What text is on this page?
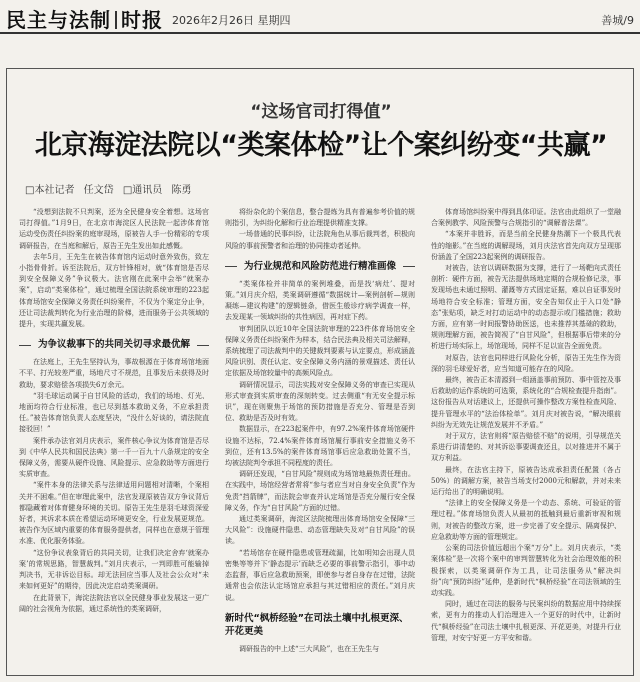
民主与法制 时报 2026年2月26日 星期四	善城/9
“这场官司打得值”
北京海淀法院以“类案体检”让个案纠纷变“共赢”
□本社记者 任文岱 □通讯员 陈勇

“没想到法院不只判案，还为全民健身安全着想。这场官司打得值。”1月9日，在北京市海淀区人民法院一起涉体育馆运动受伤责任纠纷案的庭审现场，原被告人手一份精彩的专项调研报告，在当庭和解后，原告王先生发出如此感慨。

去年5月，王先生在被告体育馆内运动时意外致伤，致左小指骨骨折。诉至法院后，双方针锋相对，就“体育馆是否尽到安全保障义务”争议极大。法官刚在此案中会举“就案办案”，启动“类案体检”，通过梳理全国法院系统审理的223起体育场馆安全保障义务责任纠纷案件，不仅为个案定分止争，还让司法裁判转化为行业治理的阶梯，进而服务于公共领域的提升，实现共赢发展。

为争议裁事下的共同关切寻求最优解

在法庭上，王先生坚持认为，事故根源在于体育场馆地面不平、打光较差严重，场地尺寸不规范，且事发后未获得及时救助，要求赔偿各项损失6万余元。

“羽毛球运动属于自甘风险的活动，我们的场地、灯光、地面均符合行业标准，也已尽到基本救助义务，不应承担责任。”被告体育馆负责人态度坚决，“没什么好谈的，请法院直接驳回！”

案件承办法官刘月庆表示，案件核心争议为体育馆是否尽到《中华人民共和国民法典》第一千一百九十八条规定的安全保障义务，需要从硬件设施、风险提示、应急救助等方面进行实质审查。

“案件本身的法律关系与法律适用问题相对清晰，个案相关并不困难。”但在审理此案中，法官发现原被告双方争议背后都隐藏着对体育健身环境的关切。原告王先生是羽毛球资深爱好者，其诉求本质在希望运动环境更安全，行业发展更规范。被告作为区域内重要的体育服务提供者，同样也在意规于管理水准、优化服务体验。

“这份争议表象背后的共同关切，让我们决定舍弃‘就案办案’的常规思路，智慧裁判。”刘月庆表示，一判即胜可能输掉判决书，无非诉讼目标。却无法回应当事人及社会公众对“未来如何更好”的期待，因此决定启动类案调研。

在此背景下，海淀法院法官以全民健身事业发展这一更广阔的社会视角为依据，通过系统性的类案调研，

将纷杂化的个案信息，整合提炼为具有普遍参考价值的规则指引，为纠纷化解和行业治理提供精准支撑。

一场普通的民事纠纷，让法院角色从事后裁判者，积极向风险的事前预警者和治理的协同推动者延伸。

为行业规范和风险防范进行精准画像

“类案体检并非简单的案例堆叠，而是找‘病灶’、提对策。”刘月庆介绍，类案调研遵循“数据统计—案例剖析—规则凝练—建议构建”的逻辑链条，借医生般诊疗病学调查一样，去发现某一领域纠纷的共性病因，再对症下药。

审判团队以近10年全国法院审理的223件体育场馆安全保障义务责任纠纷案件为样本，结合民法典及相关司法解释，系统梳理了司法裁判中的关键裁判要素与认定要点，形成涵盖风险识别、责任认定、安全保障义务内涵的景观描述、责任认定依据及场馆较量中的高频风险点。

调研情况显示，司法实践对安全保障义务的审查已实现从形式审查到实质审查的深刻转变。过去侧重“有无安全提示标识”，现在则聚焦于场馆的预防措施是否充分、管理是否到位、救助是否及时有效。

数据显示，在223起案件中，有97.2%案件体育场馆硬件设施不达标，72.4%案件体育场馆履行事前安全措施义务不到位，还有13.5%的案件体育场馆事后应急救助处置不当，均被法院判令承担不同程度的责任。

调研还发现，“自甘风险”规则成为场馆地最热责任理由。在实践中，场馆经营者常将“参与者应当对自身安全负责”作为免责“挡箭牌”，而法院会审查并认定场馆是否充分履行安全保障义务，作为“自甘风险”方面的过错。

通过类案调研，海淀区法院梳理出体育场馆安全保障“三大风险”：设施硬件隐患、动态管理缺失及对“自甘风险”的误读。

“若场馆存在硬件隐患或管理疏漏，比如明知会出现人员密集等等并下‘静态提示’而缺乏必要的事前警示指引，事中动态监督，事后应急救助预案，即使参与者自身存在过错，法院通常也会依法认定场馆应承担与其过错相应的责任。”刘月庆说。

新时代“枫桥经验”在司法土壤中扎根更深、开花更美

调研报告的中上述“三大风险”，也在王先生与

体育场馆纠纷案中得到具体印证。法官由此组织了一堂融合案例教学、风险预警与合规指引的“调解普法课”。

“本案并非胜诉，而是当前全民健身热潮下一个极具代表性的缩影。”在当庭的调解现场，刘月庆法官首先向双方呈现那份涵盖了全国223起案例的调研报告。

对被告，法官以调研数据为支撑，进行了一场靶向式责任剖析：硬件方面，被告无法提供场地定期的合规检修记录，事发现场也未通过照明、灌溉等方式固定证据，难以自证事发时场地符合安全标准；管理方面，安全告知仅止于入口处“静态”张贴项，缺乏对打动运动中的动态提示或门槛措施；救助方面，应有第一时间报警协助医送，也未推荐其基础的救助，规则理解方面，被告简视了“自甘风险”，但根据事后带来的分析进行场实际上，场馆现场，同样不足以宣告全面免责。

对原告，法官也同样进行风险化分析，原告王先生作为资深的羽毛球爱好者，应当知道可能存在的风险。

最终，被告正本清源到一组涵盖事前预防、事中管控及事后救助的运作系统的可选策，系统化的“合规检查提升指南”。这份报告从对话建议上，还提供可操作整改方案性检查风险、提升管理水平的“法治体检单”。刘月庆对被告说，“解决眼前纠纷为无效先让规范发展并不矛盾。”

对于双方，法官则将“原告赔偿不赔”的说明，引导规范关系进行讲清楚的、对其诉讼事要调查还且，以对推进并不属于双方利益。

最终，在法官主持下，原被告达成承担责任配置（各占50%）的调解方案，被告当场支付2000元和解款，并对未来运行给出了的明确说明。

“法律上的安全保障义务是一个动态、系统、可验证的管理过程。”体育场馆负责人从最初的抵触到最后重新审视和规则，对被告的整改方案，进一步完善了安全提示、隔离保护、应急救助等方面的管理规定。

公案的司法价值远超出个案“万分”上。刘月庆表示，“类案体检”是一次将个案中的审判智慧转化为社会治理效能的积极探索，以类案调研作为工具，让司法服务从“解决纠纷”向“预防纠纷”延伸，是新时代“枫桥经验”在司法领域的生动实践。

同时，通过在司法的服务与民案纠纷的数据应用中持续探索，更有力的推动人们治理进入一个更好的时代中，让新时代“枫桥经验”在司法土壤中扎根更深、开花更美，对提升行业管理，对安宁好更一方平安和谐。
